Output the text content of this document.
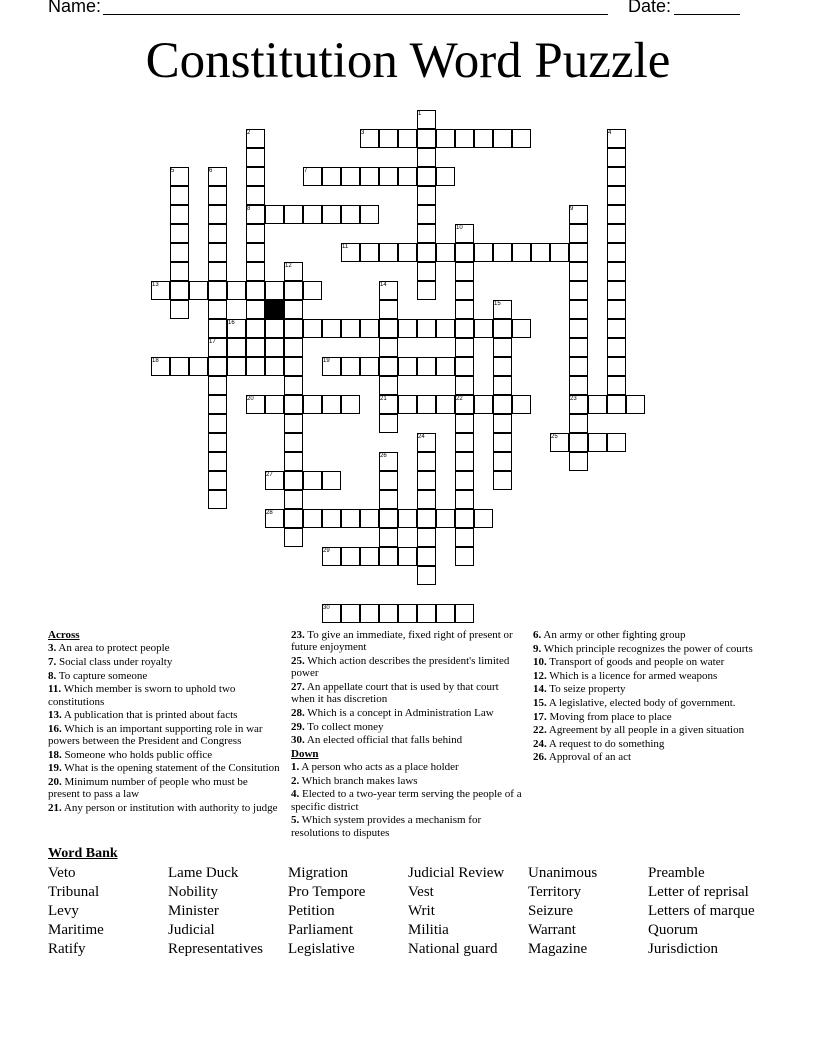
Name:	Date:
Constitution Word Puzzle
1
2	3	4
5	6	7
8	9
10
11
12
13	14
15
16
17
18	19
20	21	22	23
24	25
26
27
28
29
30
Across
3. An area to protect people
7. Social class under royalty
8. To capture someone
11. Which member is sworn to uphold two constitutions
13. A publication that is printed about facts
16. Which is an important supporting role in war powers between the President and Congress
18. Someone who holds public office
19. What is the opening statement of the Consitution
20. Minimum number of people who must be present to pass a law
21. Any person or institution with authority to judge
23. To give an immediate, fixed right of present or future enjoyment
25. Which action describes the president's limited power
27. An appellate court that is used by that court when it has discretion
28. Which is a concept in Administration Law
29. To collect money
30. An elected official that falls behind
Down
1. A person who acts as a place holder
2. Which branch makes laws
4. Elected to a two-year term serving the people of a specific district
5. Which system provides a mechanism for resolutions to disputes
6. An army or other fighting group
9. Which principle recognizes the power of courts
10. Transport of goods and people on water
12. Which is a licence for armed weapons
14. To seize property
15. A legislative, elected body of government.
17. Moving from place to place
22. Agreement by all people in a given situation
24. A request to do something
26. Approval of an act
Word Bank
Veto
Tribunal
Levy
Maritime
Ratify
Lame Duck
Nobility
Minister
Judicial
Representatives
Migration
Pro Tempore
Petition
Parliament
Legislative
Judicial Review
Vest
Writ
Militia
National guard
Unanimous
Territory
Seizure
Warrant
Magazine
Preamble
Letter of reprisal
Letters of marque
Quorum
Jurisdiction
